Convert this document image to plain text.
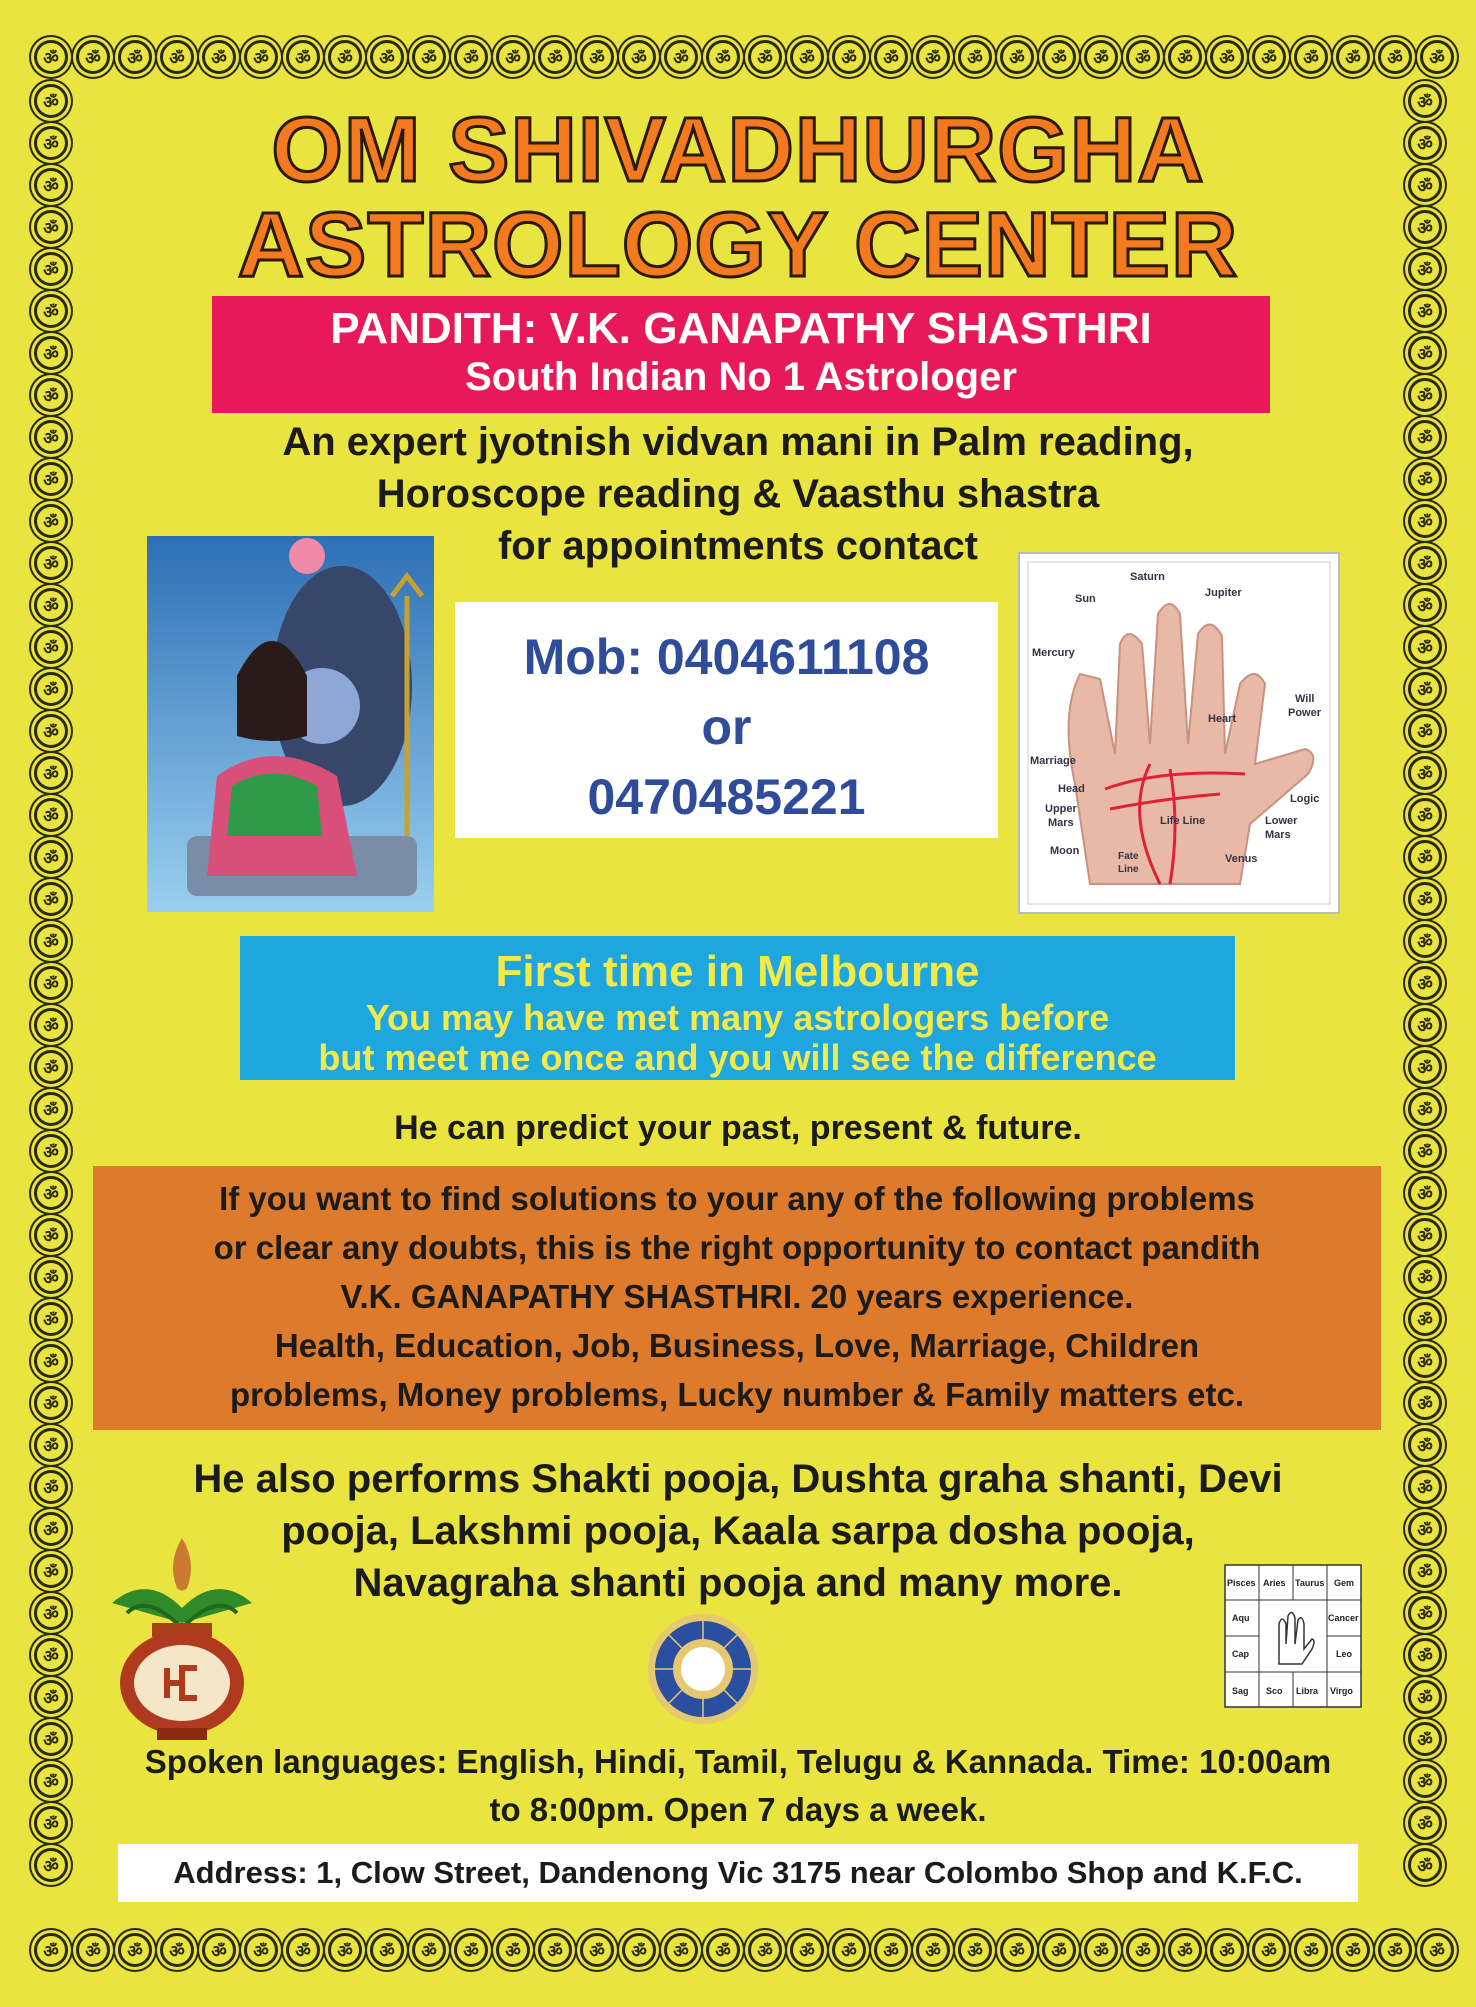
ॐ	ॐ	ॐ	ॐ	ॐ	ॐ	ॐ	ॐ	ॐ	ॐ	ॐ	ॐ	ॐ	ॐ	ॐ	ॐ	ॐ	ॐ	ॐ	ॐ	ॐ	ॐ	ॐ	ॐ	ॐ	ॐ	ॐ	ॐ	ॐ	ॐ	ॐ	ॐ	ॐ	ॐ
ॐ	ॐ	ॐ	ॐ	ॐ	ॐ	ॐ	ॐ	ॐ	ॐ	ॐ	ॐ	ॐ	ॐ	ॐ	ॐ	ॐ	ॐ	ॐ	ॐ	ॐ	ॐ	ॐ	ॐ	ॐ	ॐ	ॐ	ॐ	ॐ	ॐ	ॐ	ॐ	ॐ	ॐ
ॐ
ॐ
ॐ
ॐ
ॐ
ॐ
ॐ
ॐ
ॐ
ॐ
ॐ
ॐ
ॐ
ॐ
ॐ
ॐ
ॐ
ॐ
ॐ
ॐ
ॐ
ॐ
ॐ
ॐ
ॐ
ॐ
ॐ
ॐ
ॐ
ॐ
ॐ
ॐ
ॐ
ॐ
ॐ
ॐ
ॐ
ॐ
ॐ
ॐ
ॐ
ॐ
ॐ
ॐ
ॐ
ॐ
ॐ
ॐ
ॐ
ॐ
ॐ
ॐ
ॐ
ॐ
ॐ
ॐ
ॐ
ॐ
ॐ
ॐ
ॐ
ॐ
ॐ
ॐ
ॐ
ॐ
ॐ
ॐ
ॐ
ॐ
ॐ
ॐ
ॐ
ॐ
ॐ
ॐ
ॐ
ॐ
ॐ
ॐ
ॐ
ॐ
ॐ
ॐ
ॐ
ॐ
OM SHIVADHURGHA
ASTROLOGY CENTER
PANDITH: V.K. GANAPATHY SHASTHRI
South Indian No 1 Astrologer
An expert jyotnish vidvan mani in Palm reading,
Horoscope reading & Vaasthu shastra
for appointments contact
Mob: 0404611108
or
0470485221
Saturn
Sun	Jupiter
Mercury
Will
Power
Heart
Marriage
Head
Upper
Mars
Logic
Life Line	Lower
Mars
Moon	Fate
Line
Venus
First time in Melbourne
You may have met many astrologers before
but meet me once and you will see the difference
He can predict your past, present & future.
If you want to find solutions to your any of the following problems
or clear any doubts, this is the right opportunity to contact pandith
V.K. GANAPATHY SHASTHRI. 20 years experience.
Health, Education, Job, Business, Love, Marriage, Children
problems, Money problems, Lucky number & Family matters etc.
He also performs Shakti pooja, Dushta graha shanti, Devi
pooja, Lakshmi pooja, Kaala sarpa dosha pooja,
Navagraha shanti pooja and many more.	Pisces Aries Taurus Gem
Aqu	Cancer
Cap	Leo
Sag Sco Libra Virgo
Spoken languages: English, Hindi, Tamil, Telugu & Kannada. Time: 10:00am
to 8:00pm. Open 7 days a week.
Address: 1, Clow Street, Dandenong Vic 3175 near Colombo Shop and K.F.C.
